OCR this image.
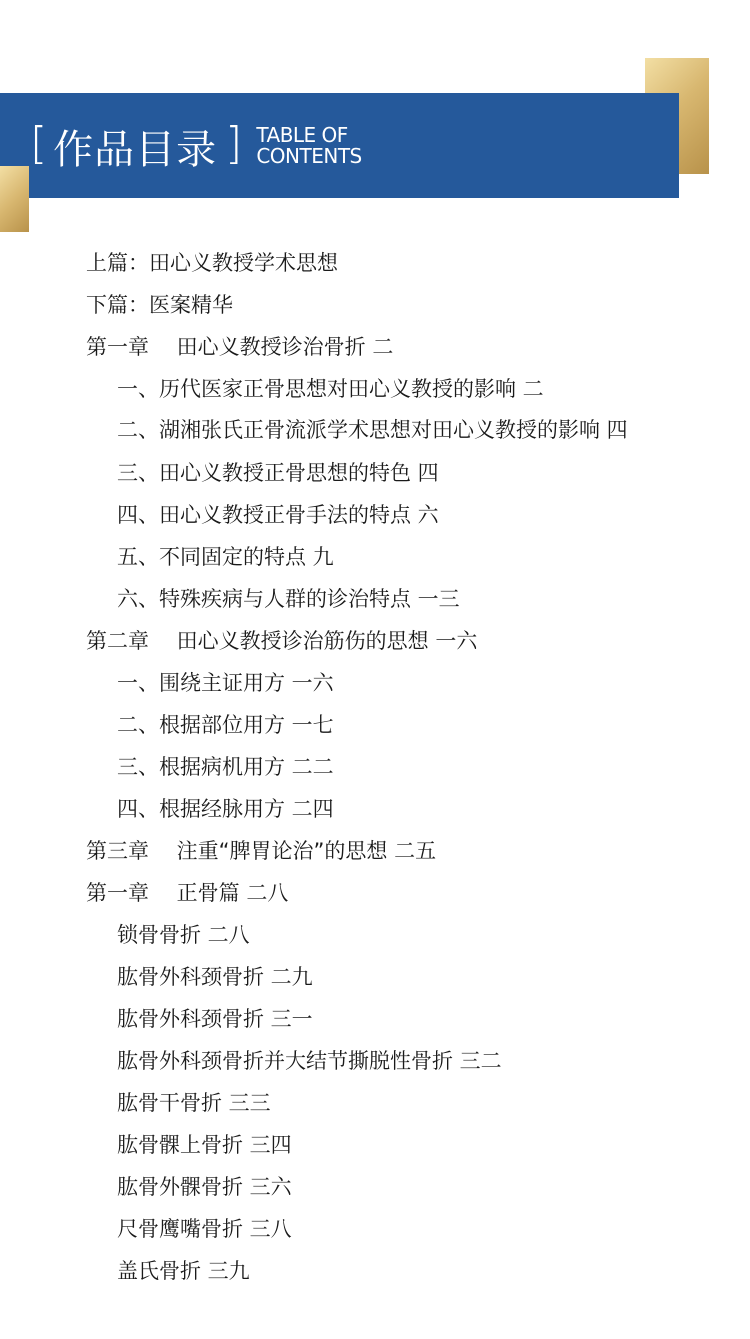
[ 作品目录 ] TABLE OF
CONTENTS
上篇：田心义教授学术思想
下篇：医案精华
第一章　 田心义教授诊治骨折 二
一、历代医家正骨思想对田心义教授的影响 二
二、湖湘张氏正骨流派学术思想对田心义教授的影响 四
三、田心义教授正骨思想的特色 四
四、田心义教授正骨手法的特点 六
五、不同固定的特点 九
六、特殊疾病与人群的诊治特点 一三
第二章　 田心义教授诊治筋伤的思想 一六
一、围绕主证用方 一六
二、根据部位用方 一七
三、根据病机用方 二二
四、根据经脉用方 二四
第三章　 注重“脾胃论治”的思想 二五
第一章　 正骨篇 二八
锁骨骨折 二八
肱骨外科颈骨折 二九
肱骨外科颈骨折 三一
肱骨外科颈骨折并大结节撕脱性骨折 三二
肱骨干骨折 三三
肱骨髁上骨折 三四
肱骨外髁骨折 三六
尺骨鹰嘴骨折 三八
盖氏骨折 三九
